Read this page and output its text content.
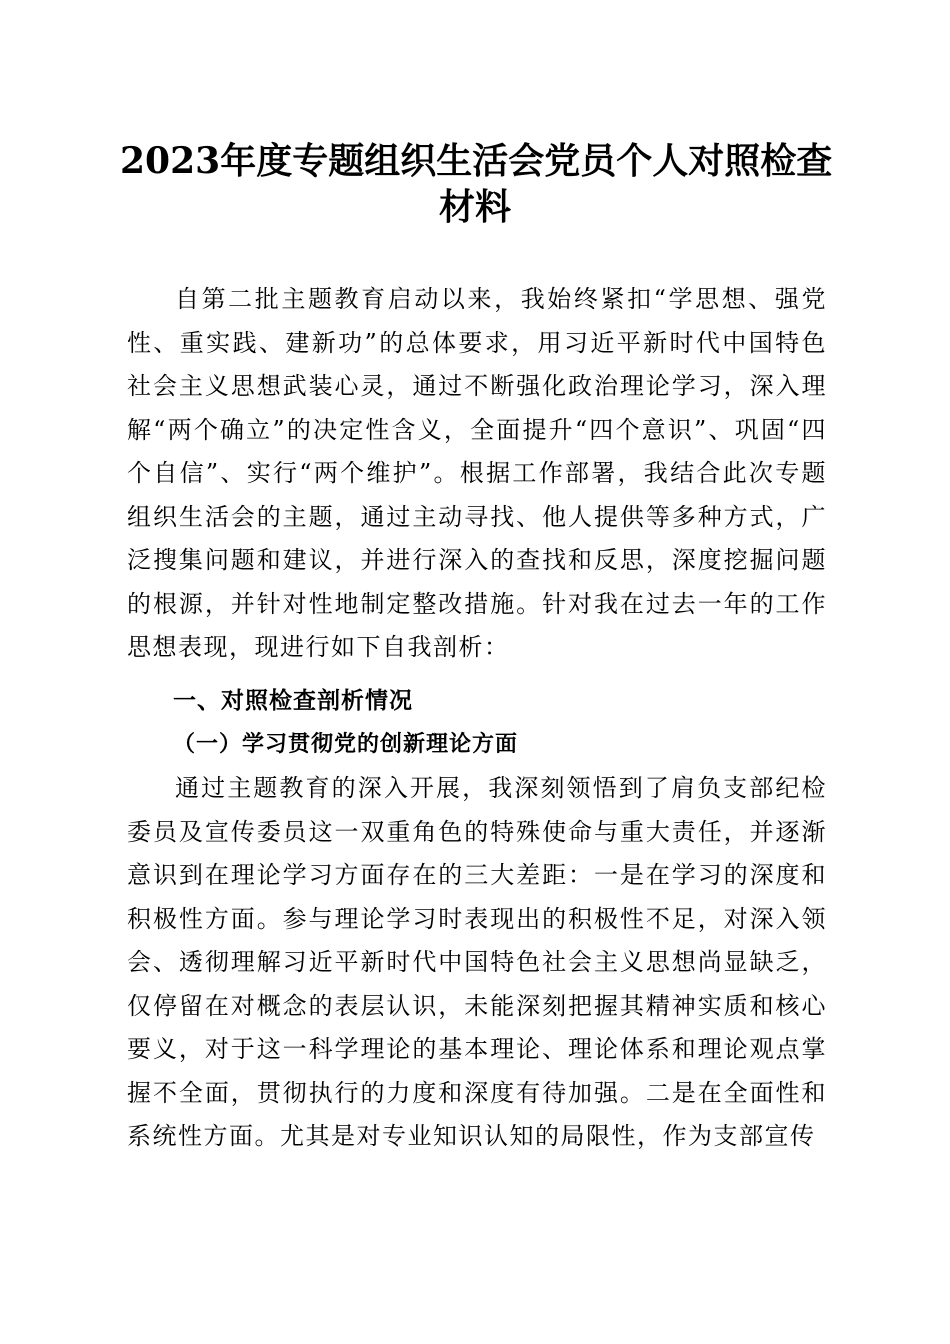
2023年度专题组织生活会党员个人对照检查
材料

自第二批主题教育启动以来，我始终紧扣“学思想、强党性、重实践、建新功”的总体要求，用习近平新时代中国特色社会主义思想武装心灵，通过不断强化政治理论学习，深入理解“两个确立”的决定性含义，全面提升“四个意识”、巩固“四个自信”、实行“两个维护”。根据工作部署，我结合此次专题组织生活会的主题，通过主动寻找、他人提供等多种方式，广泛搜集问题和建议，并进行深入的查找和反思，深度挖掘问题的根源，并针对性地制定整改措施。针对我在过去一年的工作思想表现，现进行如下自我剖析：

一、对照检查剖析情况
（一）学习贯彻党的创新理论方面

通过主题教育的深入开展，我深刻领悟到了肩负支部纪检委员及宣传委员这一双重角色的特殊使命与重大责任，并逐渐意识到在理论学习方面存在的三大差距：一是在学习的深度和积极性方面。参与理论学习时表现出的积极性不足，对深入领会、透彻理解习近平新时代中国特色社会主义思想尚显缺乏，仅停留在对概念的表层认识，未能深刻把握其精神实质和核心要义，对于这一科学理论的基本理论、理论体系和理论观点掌握不全面，贯彻执行的力度和深度有待加强。二是在全面性和系统性方面。尤其是对专业知识认知的局限性，作为支部宣传
